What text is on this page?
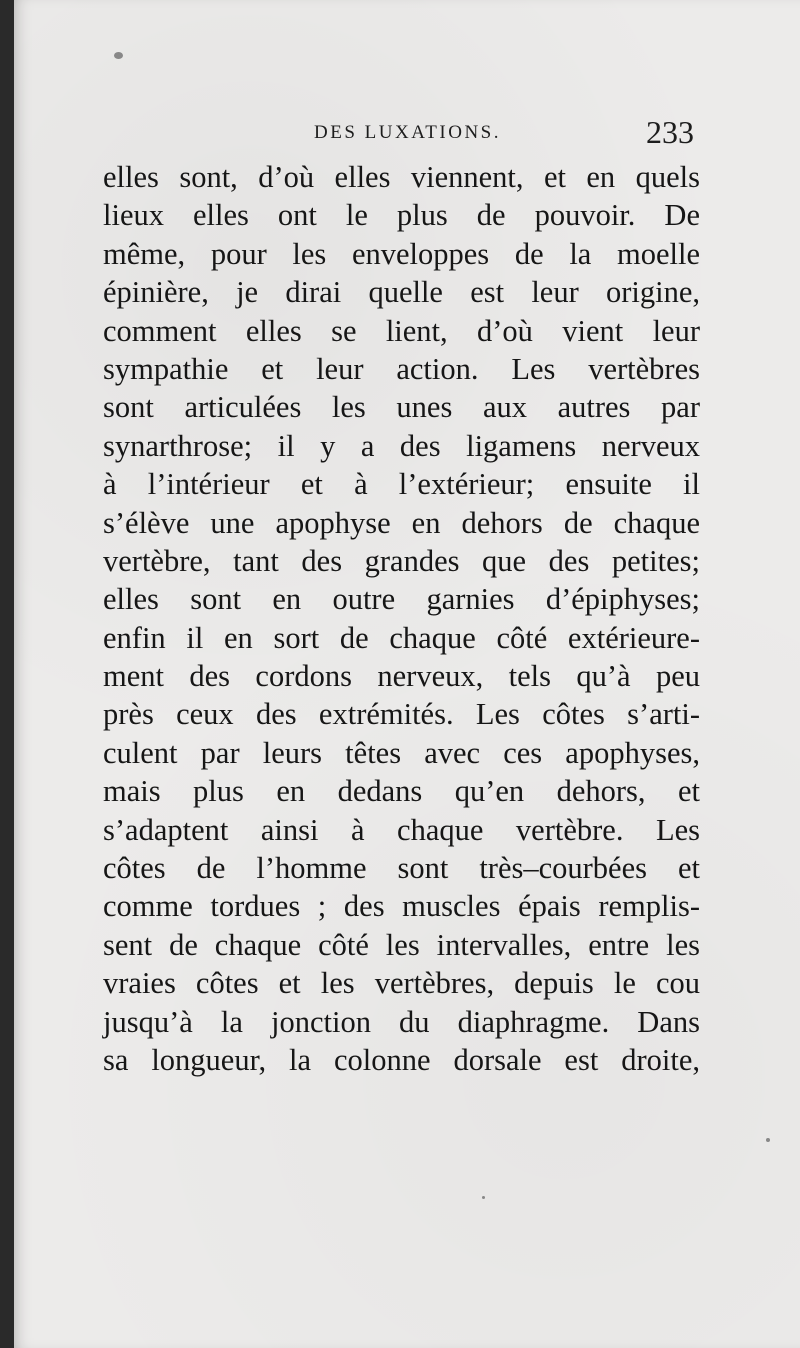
DES LUXATIONS.	233
elles sont, d’où elles viennent, et en quels
lieux elles ont le plus de pouvoir. De
même, pour les enveloppes de la moelle
épinière, je dirai quelle est leur origine,
comment elles se lient, d’où vient leur
sympathie et leur action. Les vertèbres
sont articulées les unes aux autres par
synarthrose; il y a des ligamens nerveux
à l’intérieur et à l’extérieur; ensuite il
s’élève une apophyse en dehors de chaque
vertèbre, tant des grandes que des petites;
elles sont en outre garnies d’épiphyses;
enfin il en sort de chaque côté extérieure-
ment des cordons nerveux, tels qu’à peu
près ceux des extrémités. Les côtes s’arti-
culent par leurs têtes avec ces apophyses,
mais plus en dedans qu’en dehors, et
s’adaptent ainsi à chaque vertèbre. Les
côtes de l’homme sont très–courbées et
comme tordues ; des muscles épais remplis-
sent de chaque côté les intervalles, entre les
vraies côtes et les vertèbres, depuis le cou
jusqu’à la jonction du diaphragme. Dans
sa longueur, la colonne dorsale est droite,
